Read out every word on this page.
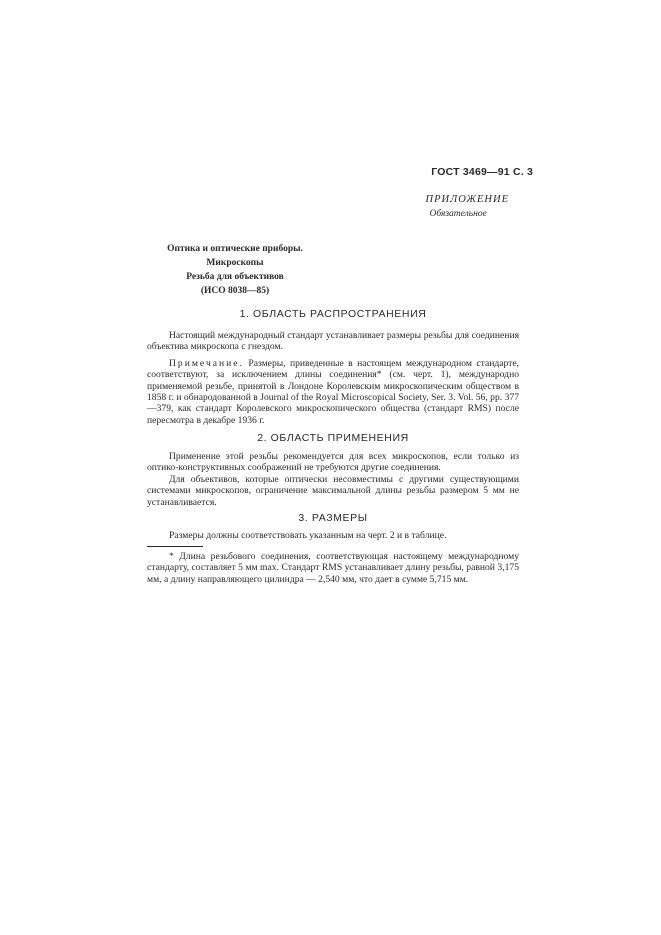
ГОСТ 3469—91 С. 3
ПРИЛОЖЕНИЕ
Обязательное
Оптика и оптические приборы.
Микроскопы
Резьба для объективов
(ИСО 8038—85)
1. ОБЛАСТЬ РАСПРОСТРАНЕНИЯ

Настоящий международный стандарт устанавливает размеры резьбы для соединения объектива микроскопа с гнездом.

Примечание. Размеры, приведенные в настоящем международном стандарте, соответствуют, за исключением длины соединения* (см. черт. 1), международно применяемой резьбе, принятой в Лондоне Королевским микроскопическим обществом в 1858 г. и обнародованной в Journal of the Royal Microscopical Society, Ser. 3. Vol. 56, pp. 377—379, как стандарт Королевского микроскопического общества (стандарт RMS) после пересмотра в декабре 1936 г.

2. ОБЛАСТЬ ПРИМЕНЕНИЯ

Применение этой резьбы рекомендуется для всех микроскопов, если только из оптико-конструктивных соображений не требуются другие соединения.

Для объективов, которые оптически несовместимы с другими существующими системами микроскопов, ограничение максимальной длины резьбы размером 5 мм не устанавливается.

3. РАЗМЕРЫ

Размеры должны соответствовать указанным на черт. 2 и в таблице.

* Длина резьбового соединения, соответствующая настоящему международному стандарту, составляет 5 мм max. Стандарт RMS устанавливает длину резьбы, равной 3,175 мм, а длину направляющего цилиндра — 2,540 мм, что дает в сумме 5,715 мм.
